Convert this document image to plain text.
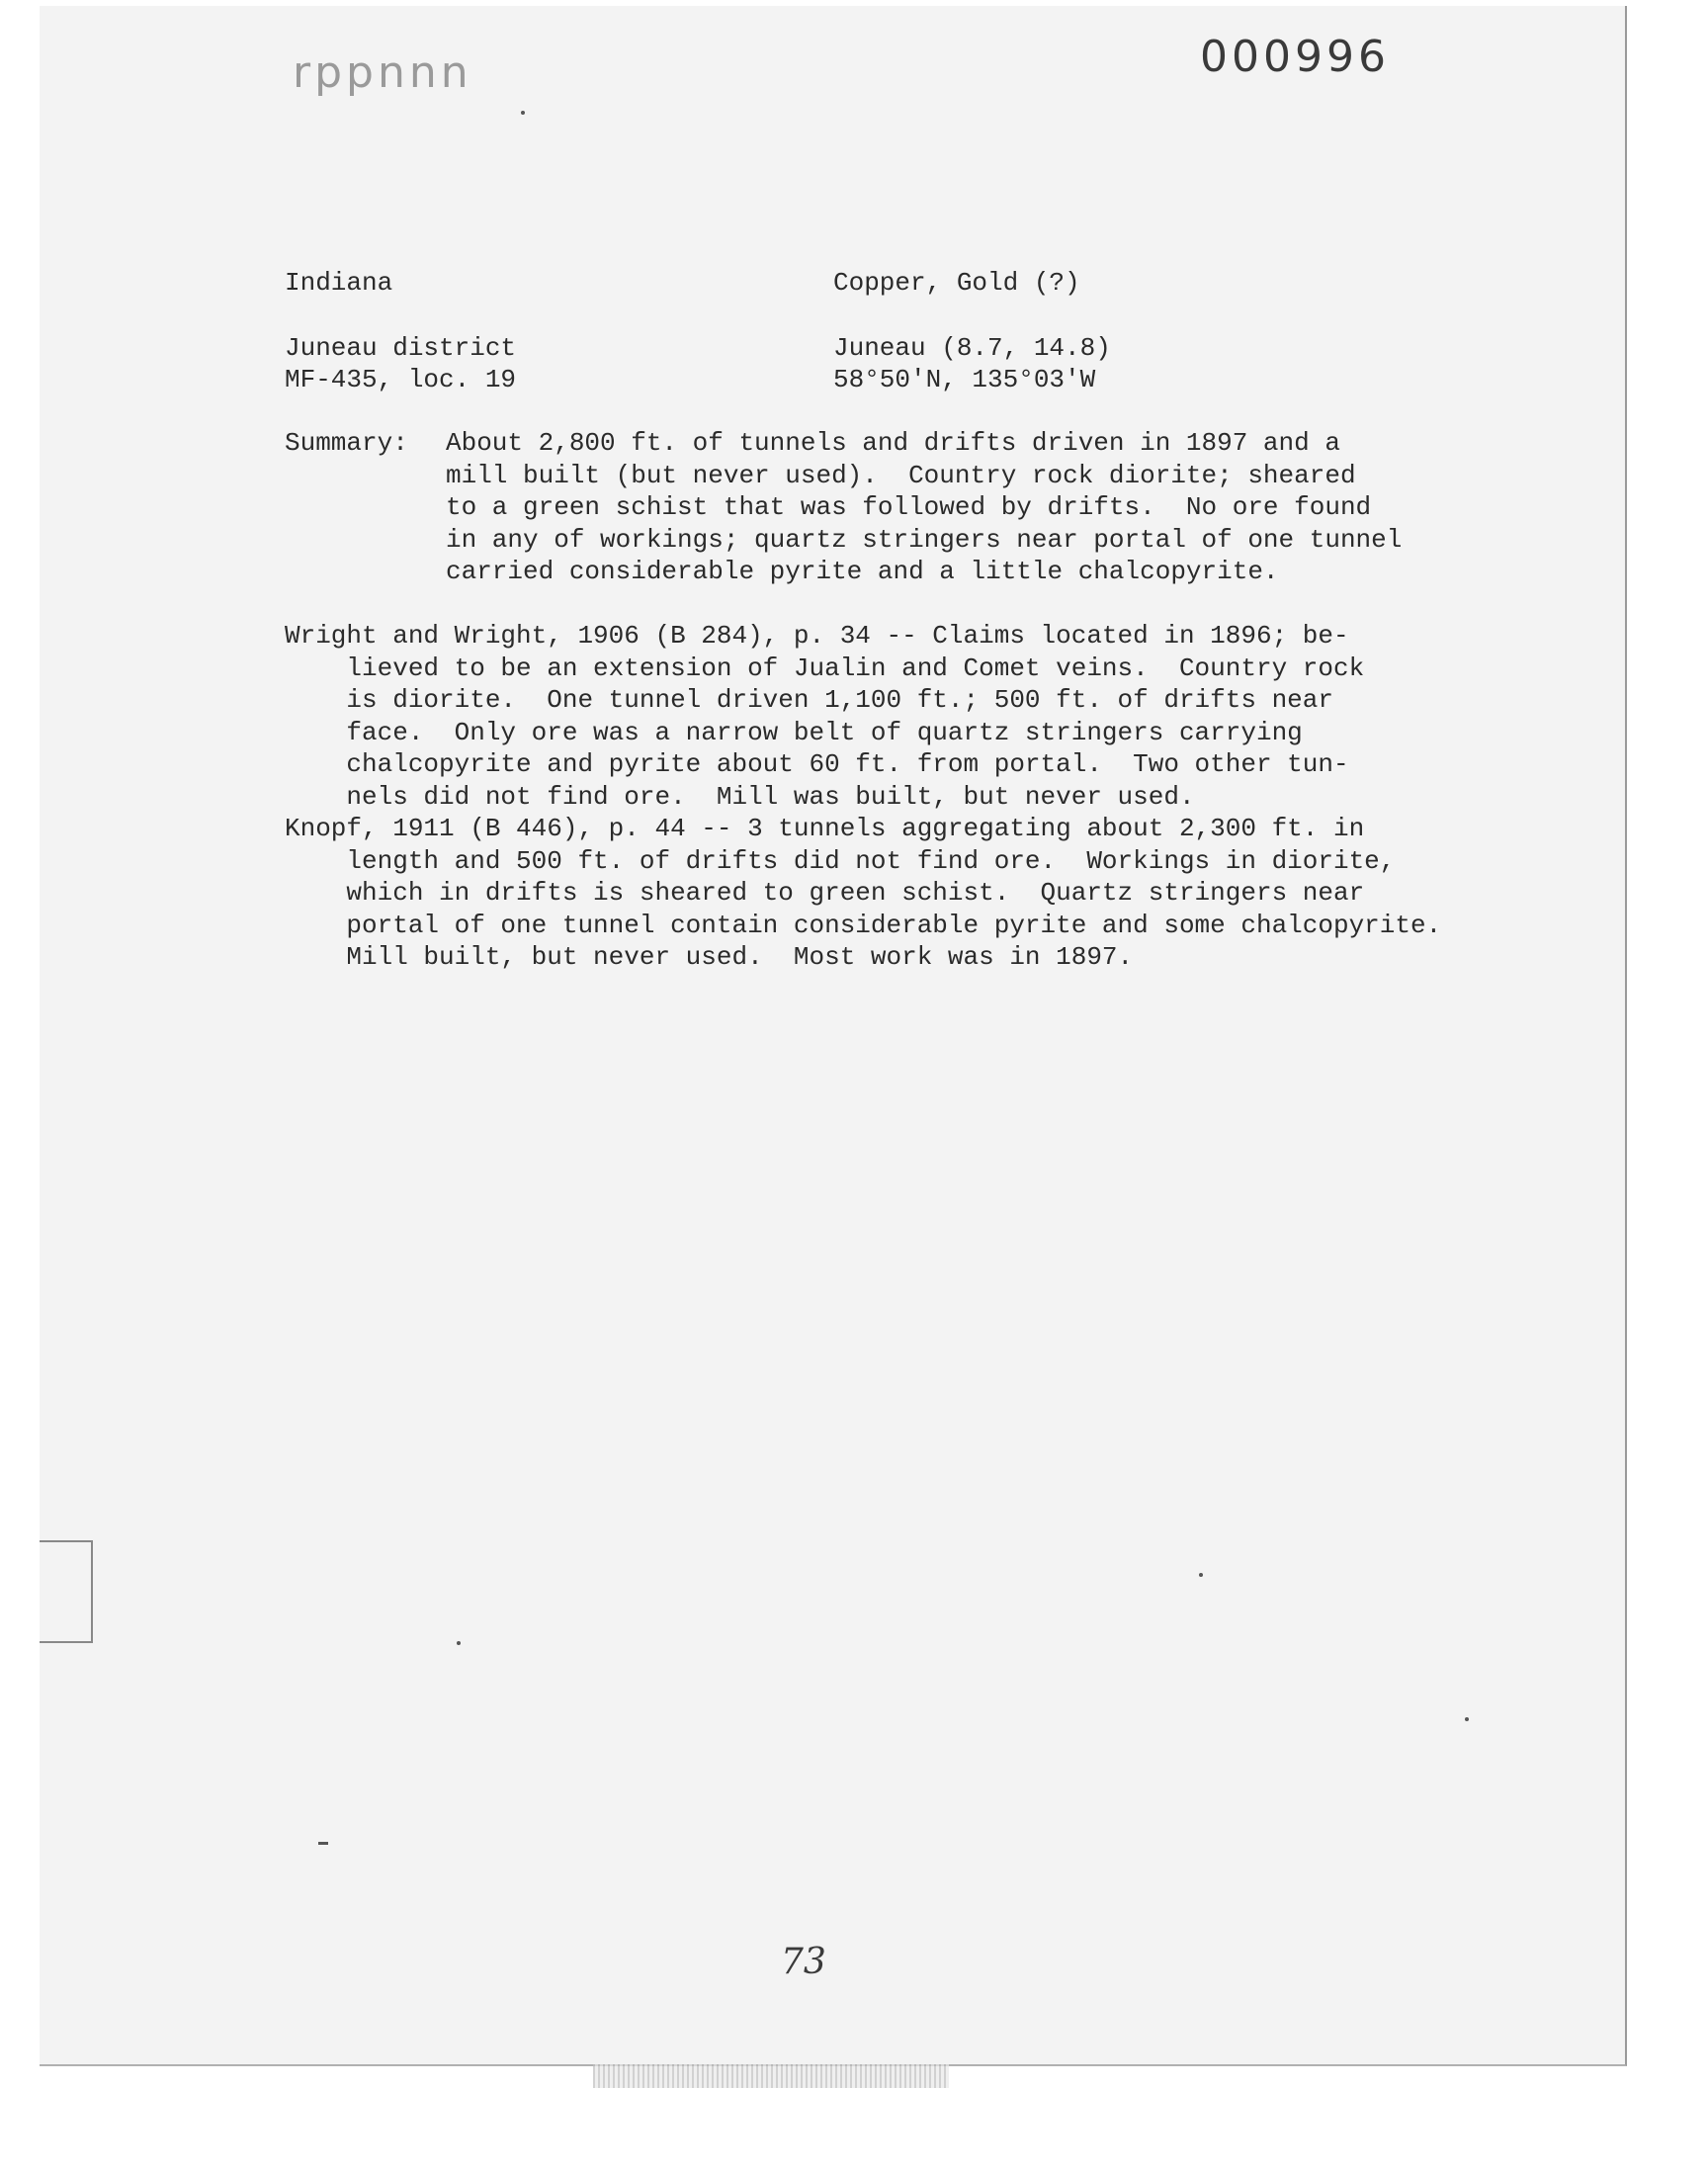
rppnnn	000996
Indiana
Juneau district
MF-435, loc. 19
Copper, Gold (?)
Juneau (8.7, 14.8)
58°50'N, 135°03'W
Summary: About 2,800 ft. of tunnels and drifts driven in 1897 and a
mill built (but never used).  Country rock diorite; sheared
to a green schist that was followed by drifts.  No ore found
in any of workings; quartz stringers near portal of one tunnel
carried considerable pyrite and a little chalcopyrite.
Wright and Wright, 1906 (B 284), p. 34 -- Claims located in 1896; be-
lieved to be an extension of Jualin and Comet veins.  Country rock
is diorite.  One tunnel driven 1,100 ft.; 500 ft. of drifts near
face.  Only ore was a narrow belt of quartz stringers carrying
chalcopyrite and pyrite about 60 ft. from portal.  Two other tun-
nels did not find ore.  Mill was built, but never used.
Knopf, 1911 (B 446), p. 44 -- 3 tunnels aggregating about 2,300 ft. in
length and 500 ft. of drifts did not find ore.  Workings in diorite,
which in drifts is sheared to green schist.  Quartz stringers near
portal of one tunnel contain considerable pyrite and some chalcopyrite.
Mill built, but never used.  Most work was in 1897.
73
